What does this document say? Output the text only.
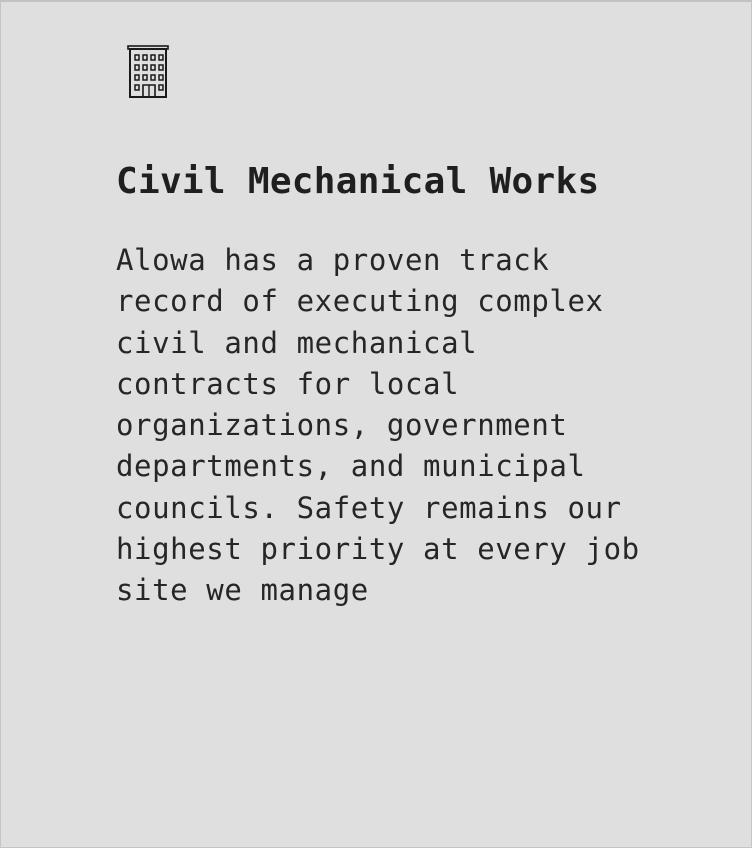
Civil Mechanical Works

Alowa has a proven track record of executing complex civil and mechanical contracts for local organizations, government departments, and municipal councils. Safety remains our highest priority at every job site we manage
